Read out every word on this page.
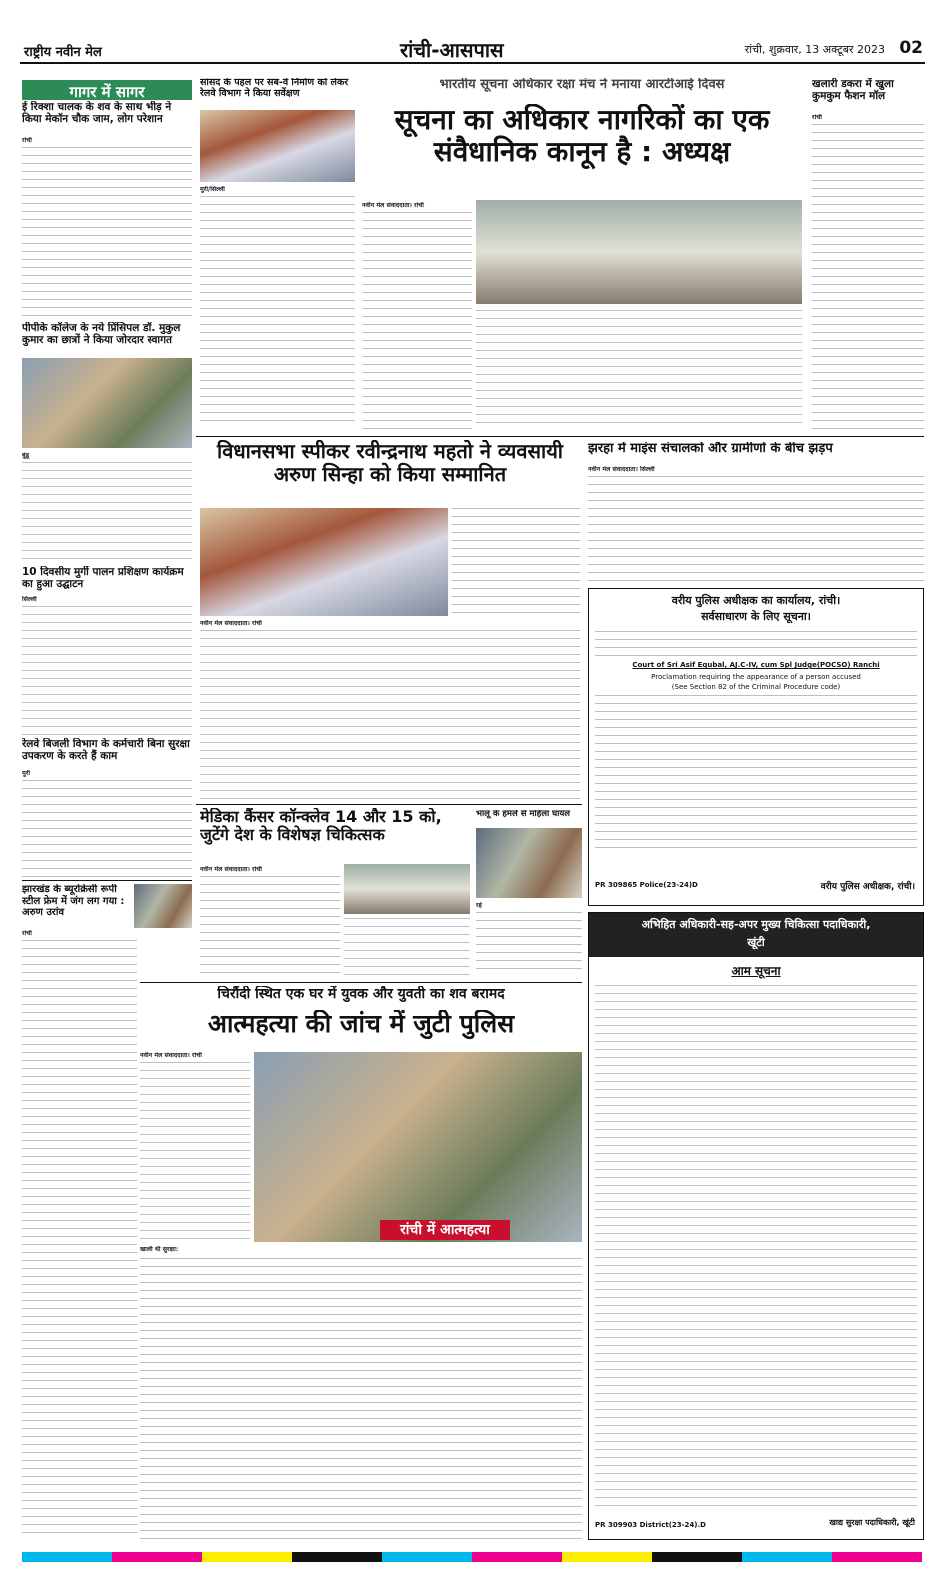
राष्ट्रीय नवीन मेल	रांची-आसपास	रांची, शुक्रवार, 13 अक्टूबर 2023 02
गागर में सागर
ई रिक्शा चालक के शव के साथ भीड़ ने किया मेकॉन चौक जाम, लोग परेशान
रांची
पीपीके कॉलेज के नये प्रिंसिपल डॉ. मुकुल कुमार का छात्रों ने किया जोरदार स्वागत
बुंडू
10 दिवसीय मुर्गी पालन प्रशिक्षण कार्यक्रम का हुआ उद्घाटन
सिल्ली
रेलवे बिजली विभाग के कर्मचारी बिना सुरक्षा उपकरण के करते हैं काम
मुरी
झारखंड के ब्यूरोक्रेसी रूपी स्टील फ्रेम में जंग लग गया : अरुण उरांव
रांची
सांसद के पहल पर सब-वे निर्माण को लेकर रेलवे विभाग ने किया सर्वेक्षण
मुरी/सिल्ली
भारतीय सूचना अधिकार रक्षा मंच ने मनाया आरटीआई दिवस
सूचना का अधिकार नागरिकों का एक संवैधानिक कानून है : अध्यक्ष
नवीन मेल संवाददाता। रांची
खलारी डकरा में खुला कुमकुम फैशन मॉल
रांची
विधानसभा स्पीकर रवीन्द्रनाथ महतो ने व्यवसायी अरुण सिन्हा को किया सम्मानित
नवीन मेल संवाददाता। रांची
झरहा में माइंस संचालकों और ग्रामीणों के बीच झड़प
नवीन मेल संवाददाता। सिल्ली
वरीय पुलिस अधीक्षक का कार्यालय, रांची।
सर्वसाधारण के लिए सूचना।
Court of Sri Asif Equbal, AJ.C-IV, cum Spl Judge(POCSO) Ranchi
Proclamation requiring the appearance of a person accused
(See Section 82 of the Criminal Procedure code)
PR 309865 Police(23-24)D	वरीय पुलिस अधीक्षक, रांची।
मेडिका कैंसर कॉन्क्लेव 14 और 15 को, जुटेंगे देश के विशेषज्ञ चिकित्सक
नवीन मेल संवाददाता। रांची
भालू के हमले से महिला घायल
रहे
अभिहित अधिकारी-सह-अपर मुख्य चिकित्सा पदाधिकारी,
खूंटी
आम सूचना
PR 309903 District(23-24).D	खाद्य सुरक्षा पदाधिकारी, खूंटी
चिरौंदी स्थित एक घर में युवक और युवती का शव बरामद
आत्महत्या की जांच में जुटी पुलिस
नवीन मेल संवाददाता। रांची
रांची में आत्महत्या
खाली थी सुरक्षा:
